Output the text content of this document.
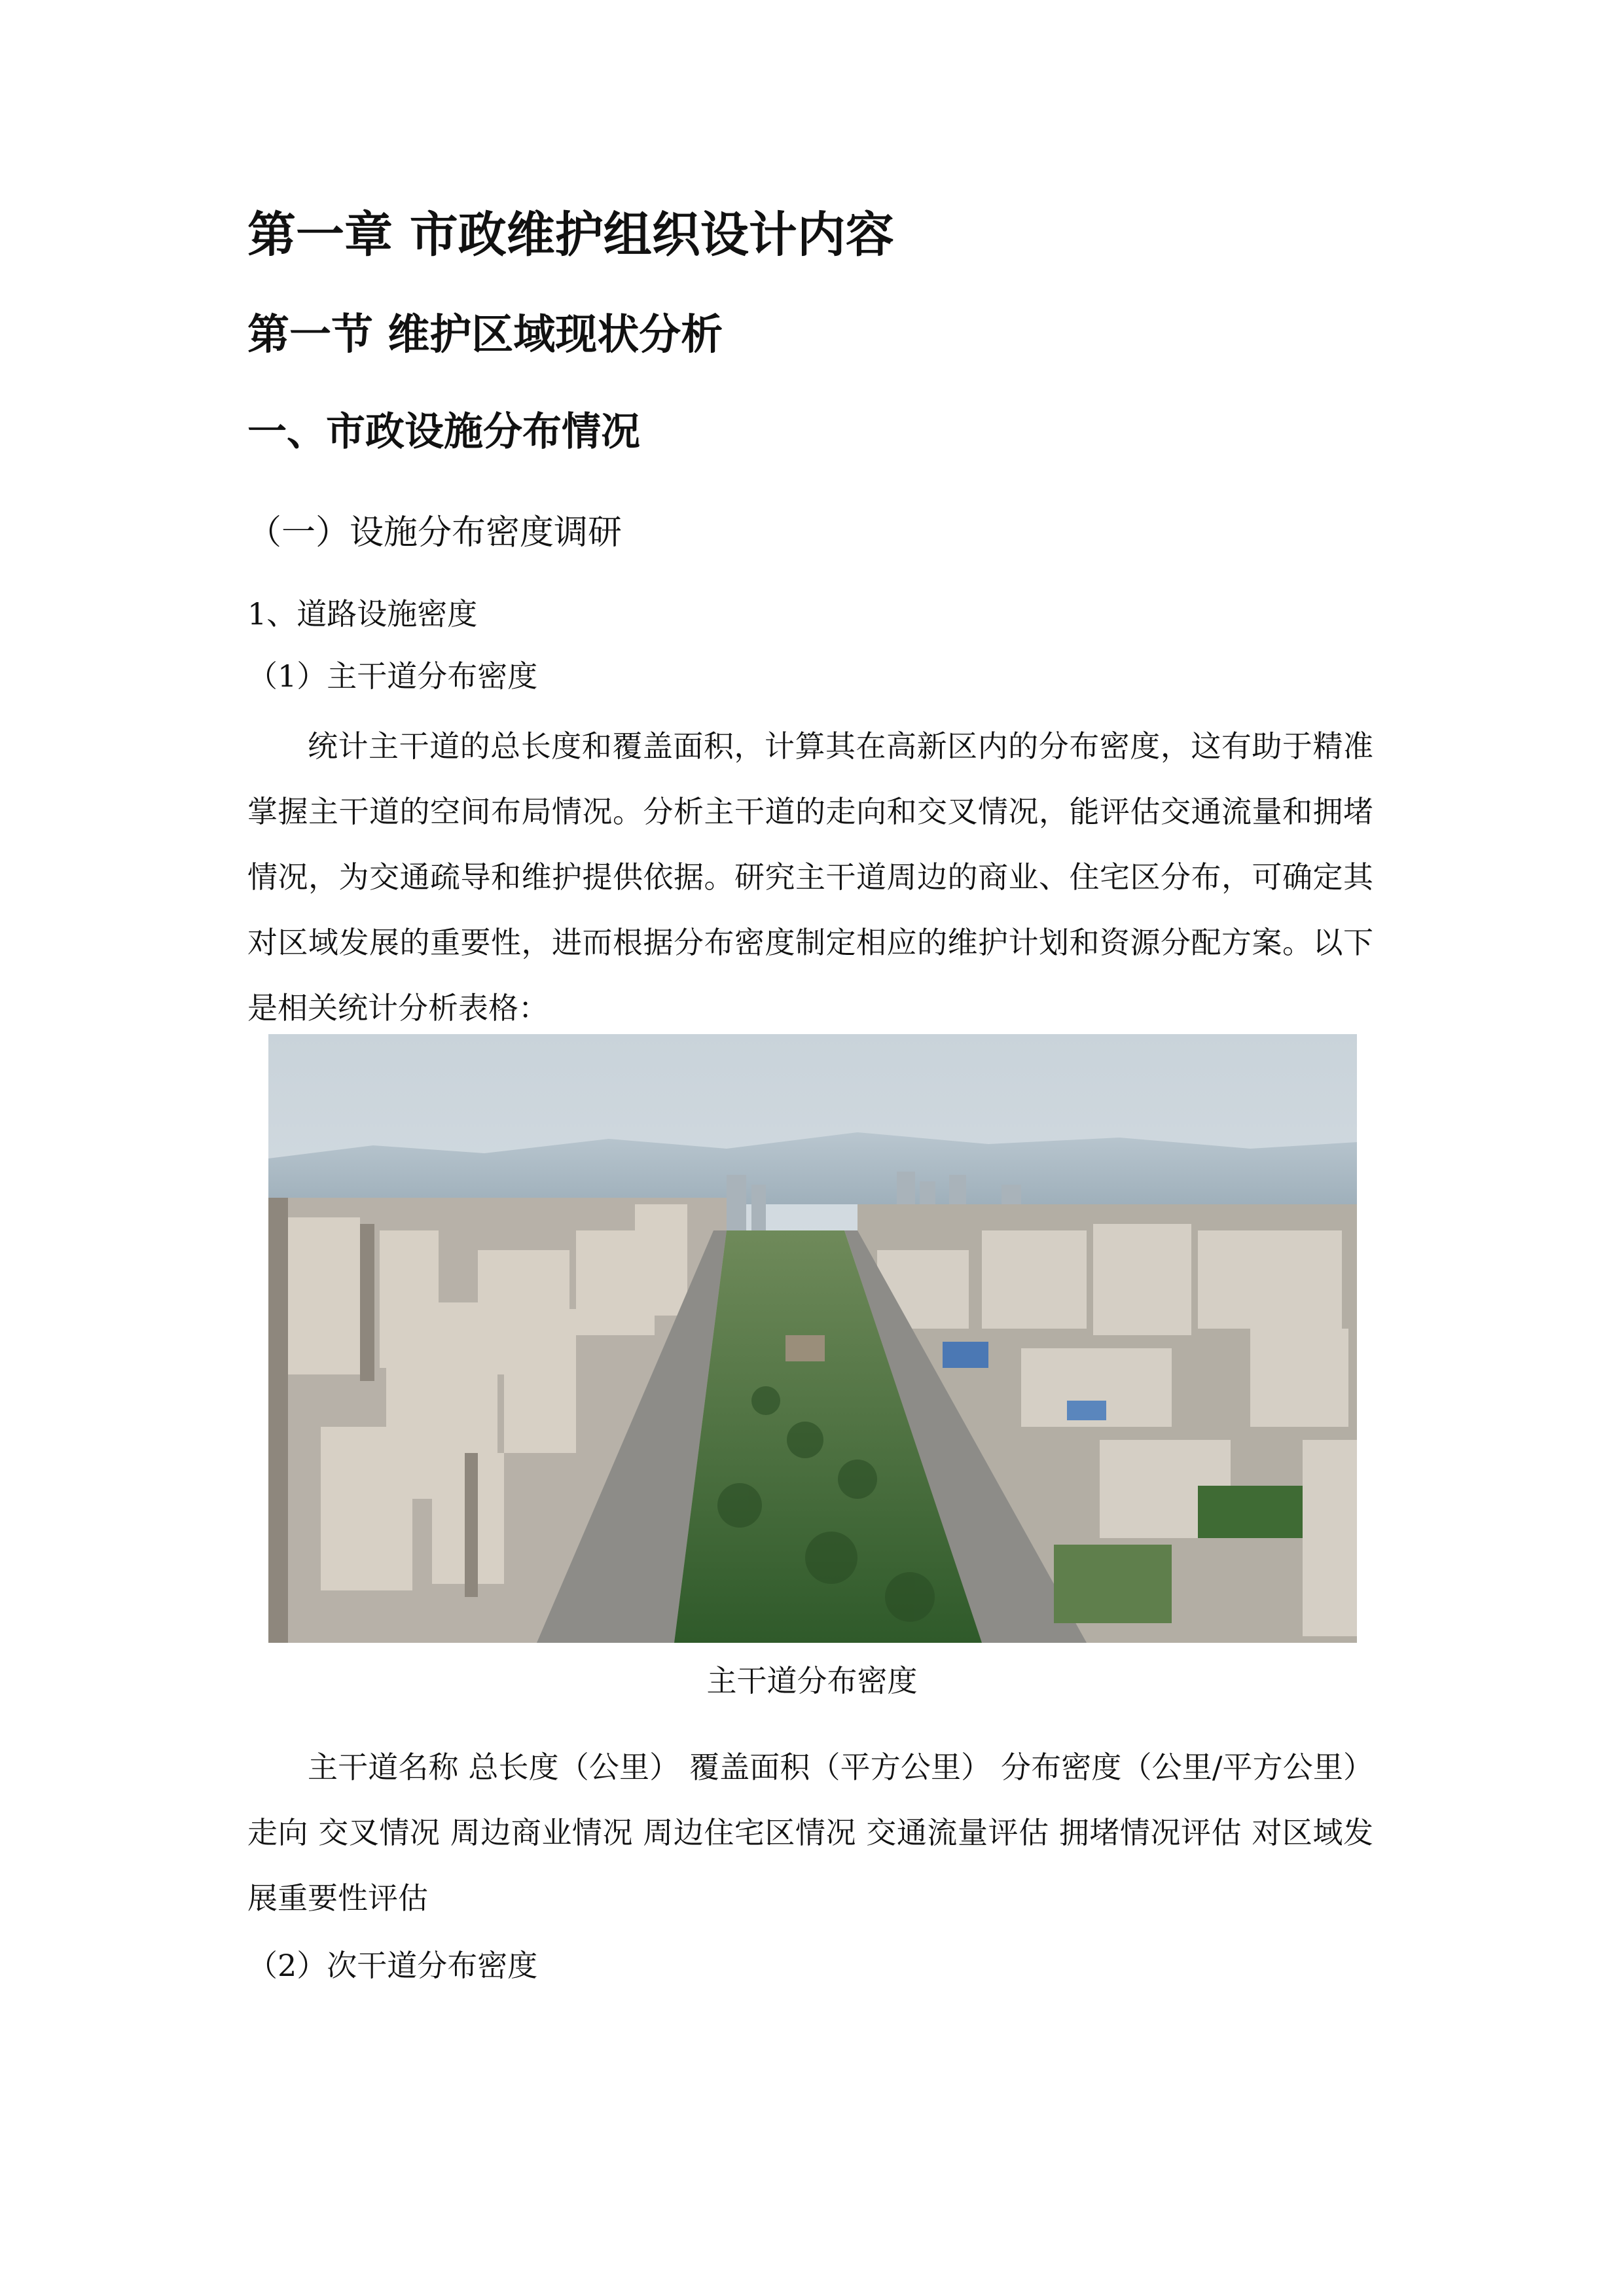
第一章 市政维护组织设计内容
第一节 维护区域现状分析
一、市政设施分布情况
（一）设施分布密度调研
1、道路设施密度
（1）主干道分布密度

统计主干道的总长度和覆盖面积，计算其在高新区内的分布密度，这有助于精准掌握主干道的空间布局情况。分析主干道的走向和交叉情况，能评估交通流量和拥堵情况，为交通疏导和维护提供依据。研究主干道周边的商业、住宅区分布，可确定其对区域发展的重要性，进而根据分布密度制定相应的维护计划和资源分配方案。以下是相关统计分析表格：

主干道分布密度

主干道名称 总长度（公里） 覆盖面积（平方公里） 分布密度（公里/平方公里） 走向 交叉情况 周边商业情况 周边住宅区情况 交通流量评估 拥堵情况评估 对区域发展重要性评估

（2）次干道分布密度
